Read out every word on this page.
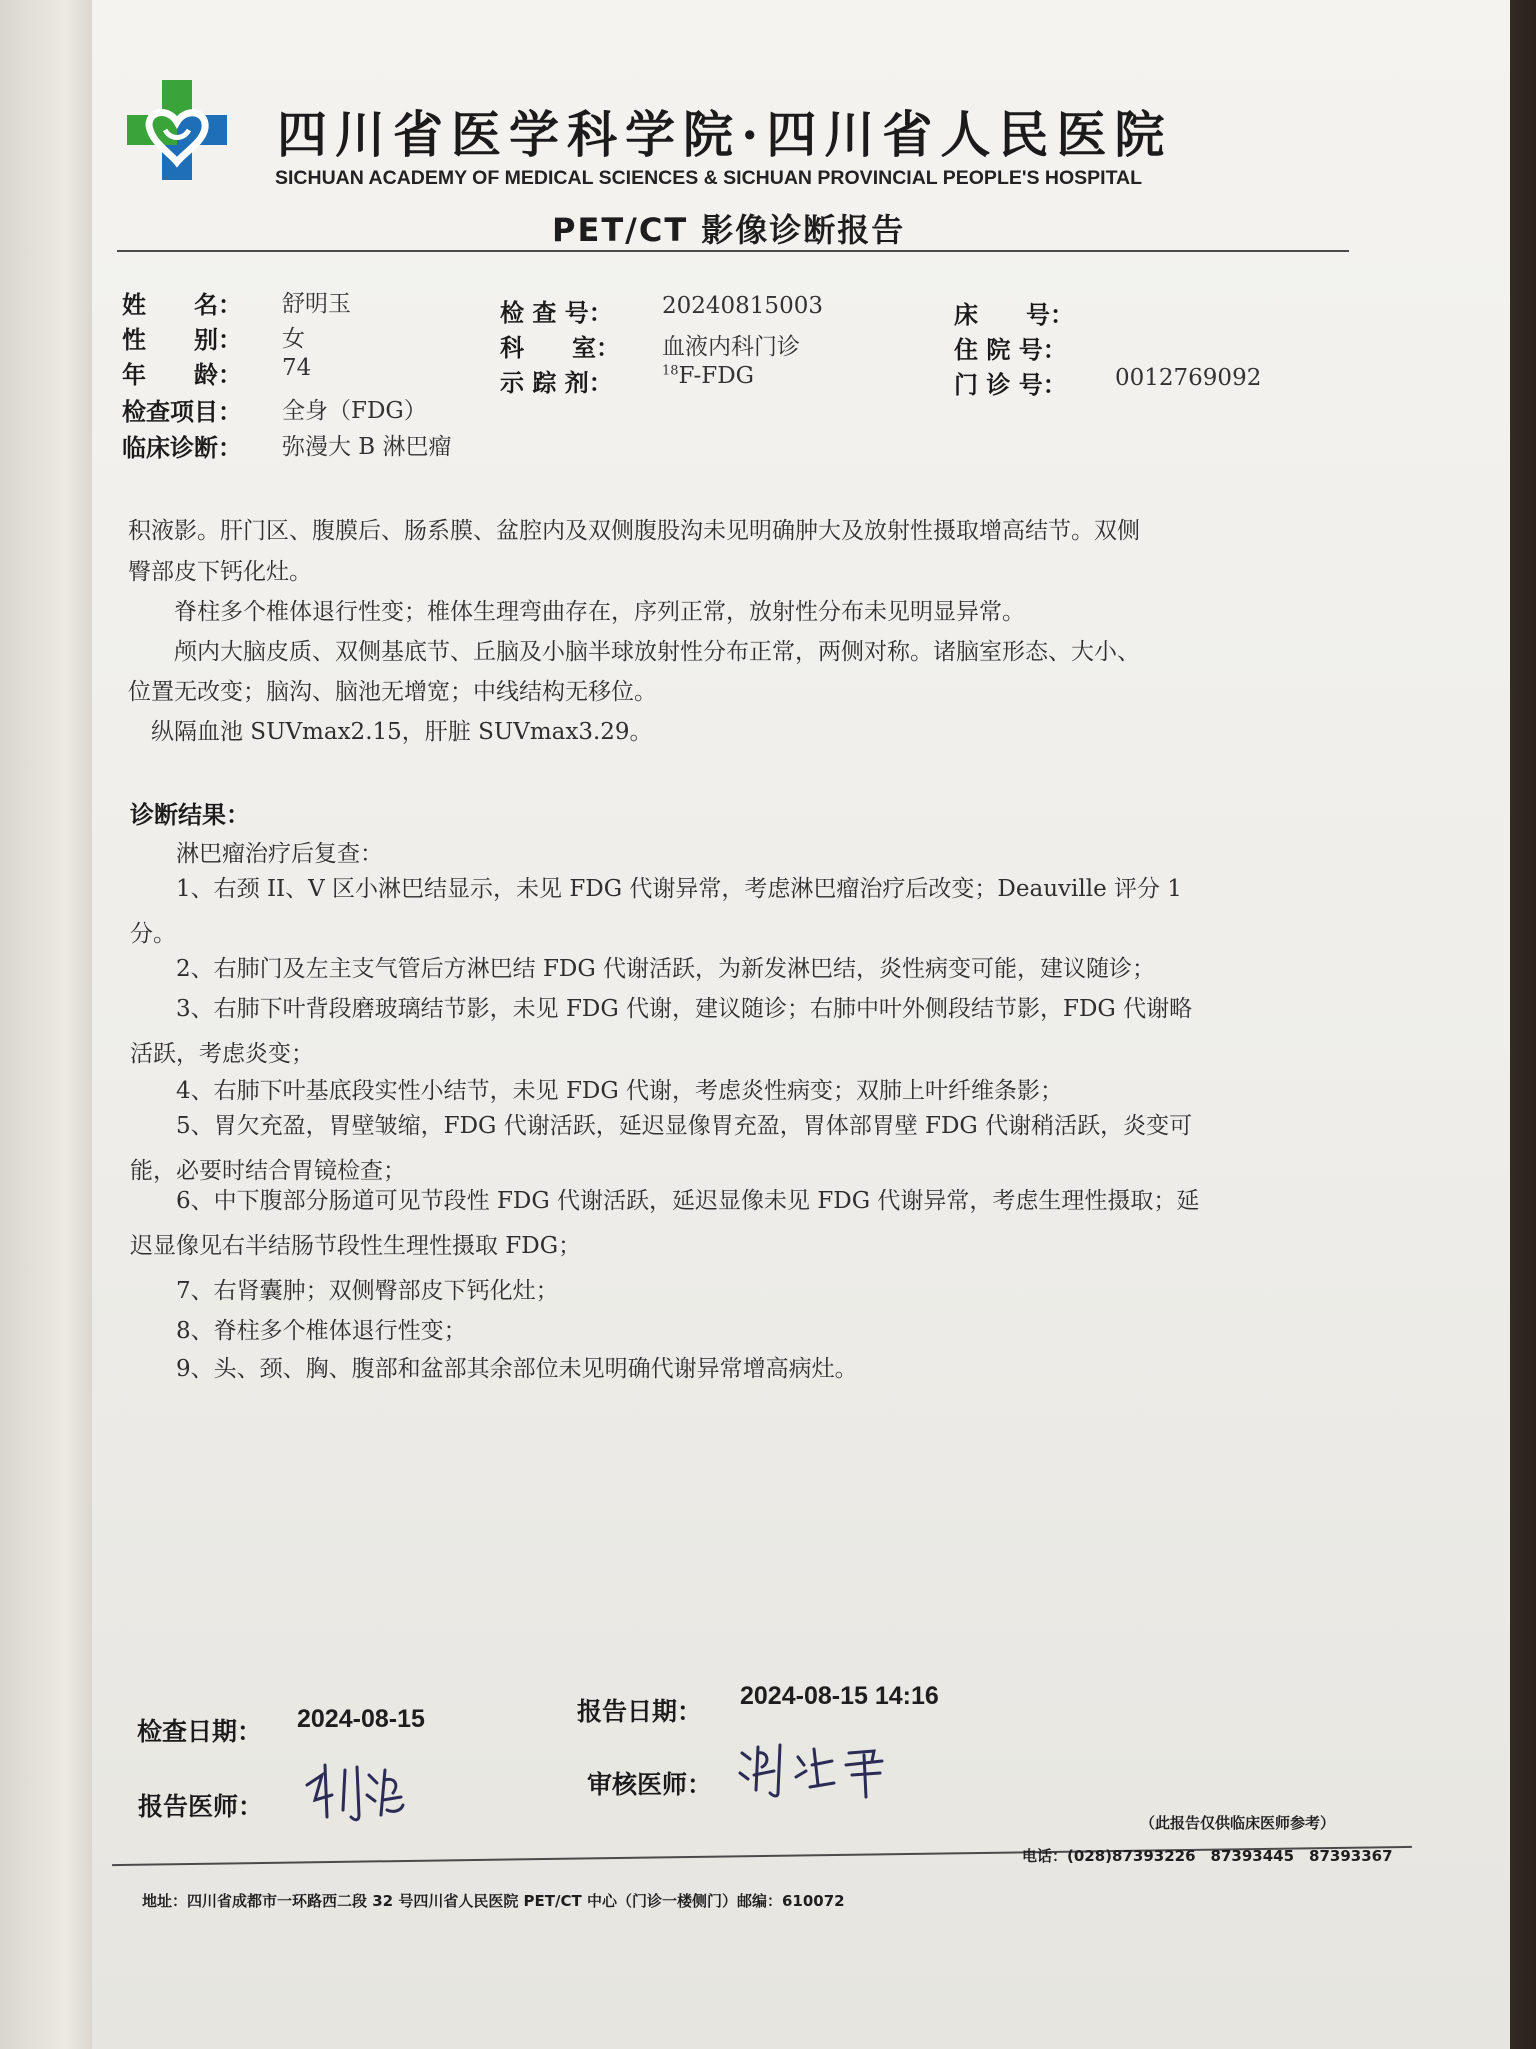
四川省医学科学院·四川省人民医院
SICHUAN ACADEMY OF MEDICAL SCIENCES & SICHUAN PROVINCIAL PEOPLE'S HOSPITAL
PET/CT 影像诊断报告
姓　　名： 舒明玉
性　　别： 女
年　　龄： 74
检查项目： 全身（FDG）
临床诊断： 弥漫大 B 淋巴瘤
检 查 号： 20240815003
科　　室： 血液内科门诊
示 踪 剂：	$^{18}$F-FDG
床　　号：
住 院 号：
门 诊 号： 0012769092
积液影。肝门区、腹膜后、肠系膜、盆腔内及双侧腹股沟未见明确肿大及放射性摄取增高结节。双侧
臀部皮下钙化灶。
　　脊柱多个椎体退行性变；椎体生理弯曲存在，序列正常，放射性分布未见明显异常。
　　颅内大脑皮质、双侧基底节、丘脑及小脑半球放射性分布正常，两侧对称。诸脑室形态、大小、
位置无改变；脑沟、脑池无增宽；中线结构无移位。
　纵隔血池 SUVmax2.15，肝脏 SUVmax3.29。
诊断结果：
　　淋巴瘤治疗后复查：
　　1、右颈 II、V 区小淋巴结显示，未见 FDG 代谢异常，考虑淋巴瘤治疗后改变；Deauville 评分 1
分。
　　2、右肺门及左主支气管后方淋巴结 FDG 代谢活跃，为新发淋巴结，炎性病变可能，建议随诊；
　　3、右肺下叶背段磨玻璃结节影，未见 FDG 代谢，建议随诊；右肺中叶外侧段结节影，FDG 代谢略
活跃，考虑炎变；
　　4、右肺下叶基底段实性小结节，未见 FDG 代谢，考虑炎性病变；双肺上叶纤维条影；
　　5、胃欠充盈，胃壁皱缩，FDG 代谢活跃，延迟显像胃充盈，胃体部胃壁 FDG 代谢稍活跃，炎变可
能，必要时结合胃镜检查；
　　6、中下腹部分肠道可见节段性 FDG 代谢活跃，延迟显像未见 FDG 代谢异常，考虑生理性摄取；延
迟显像见右半结肠节段性生理性摄取 FDG；
　　7、右肾囊肿；双侧臀部皮下钙化灶；
　　8、脊柱多个椎体退行性变；
　　9、头、颈、胸、腹部和盆部其余部位未见明确代谢异常增高病灶。
检查日期： 2024-08-15	报告日期：
2024-08-15 14:16
报告医师：
审核医师：
（此报告仅供临床医师参考）
地址：四川省成都市一环路西二段 32 号四川省人民医院 PET/CT 中心（门诊一楼侧门）邮编：610072
电话：(028)87393226　87393445　87393367
